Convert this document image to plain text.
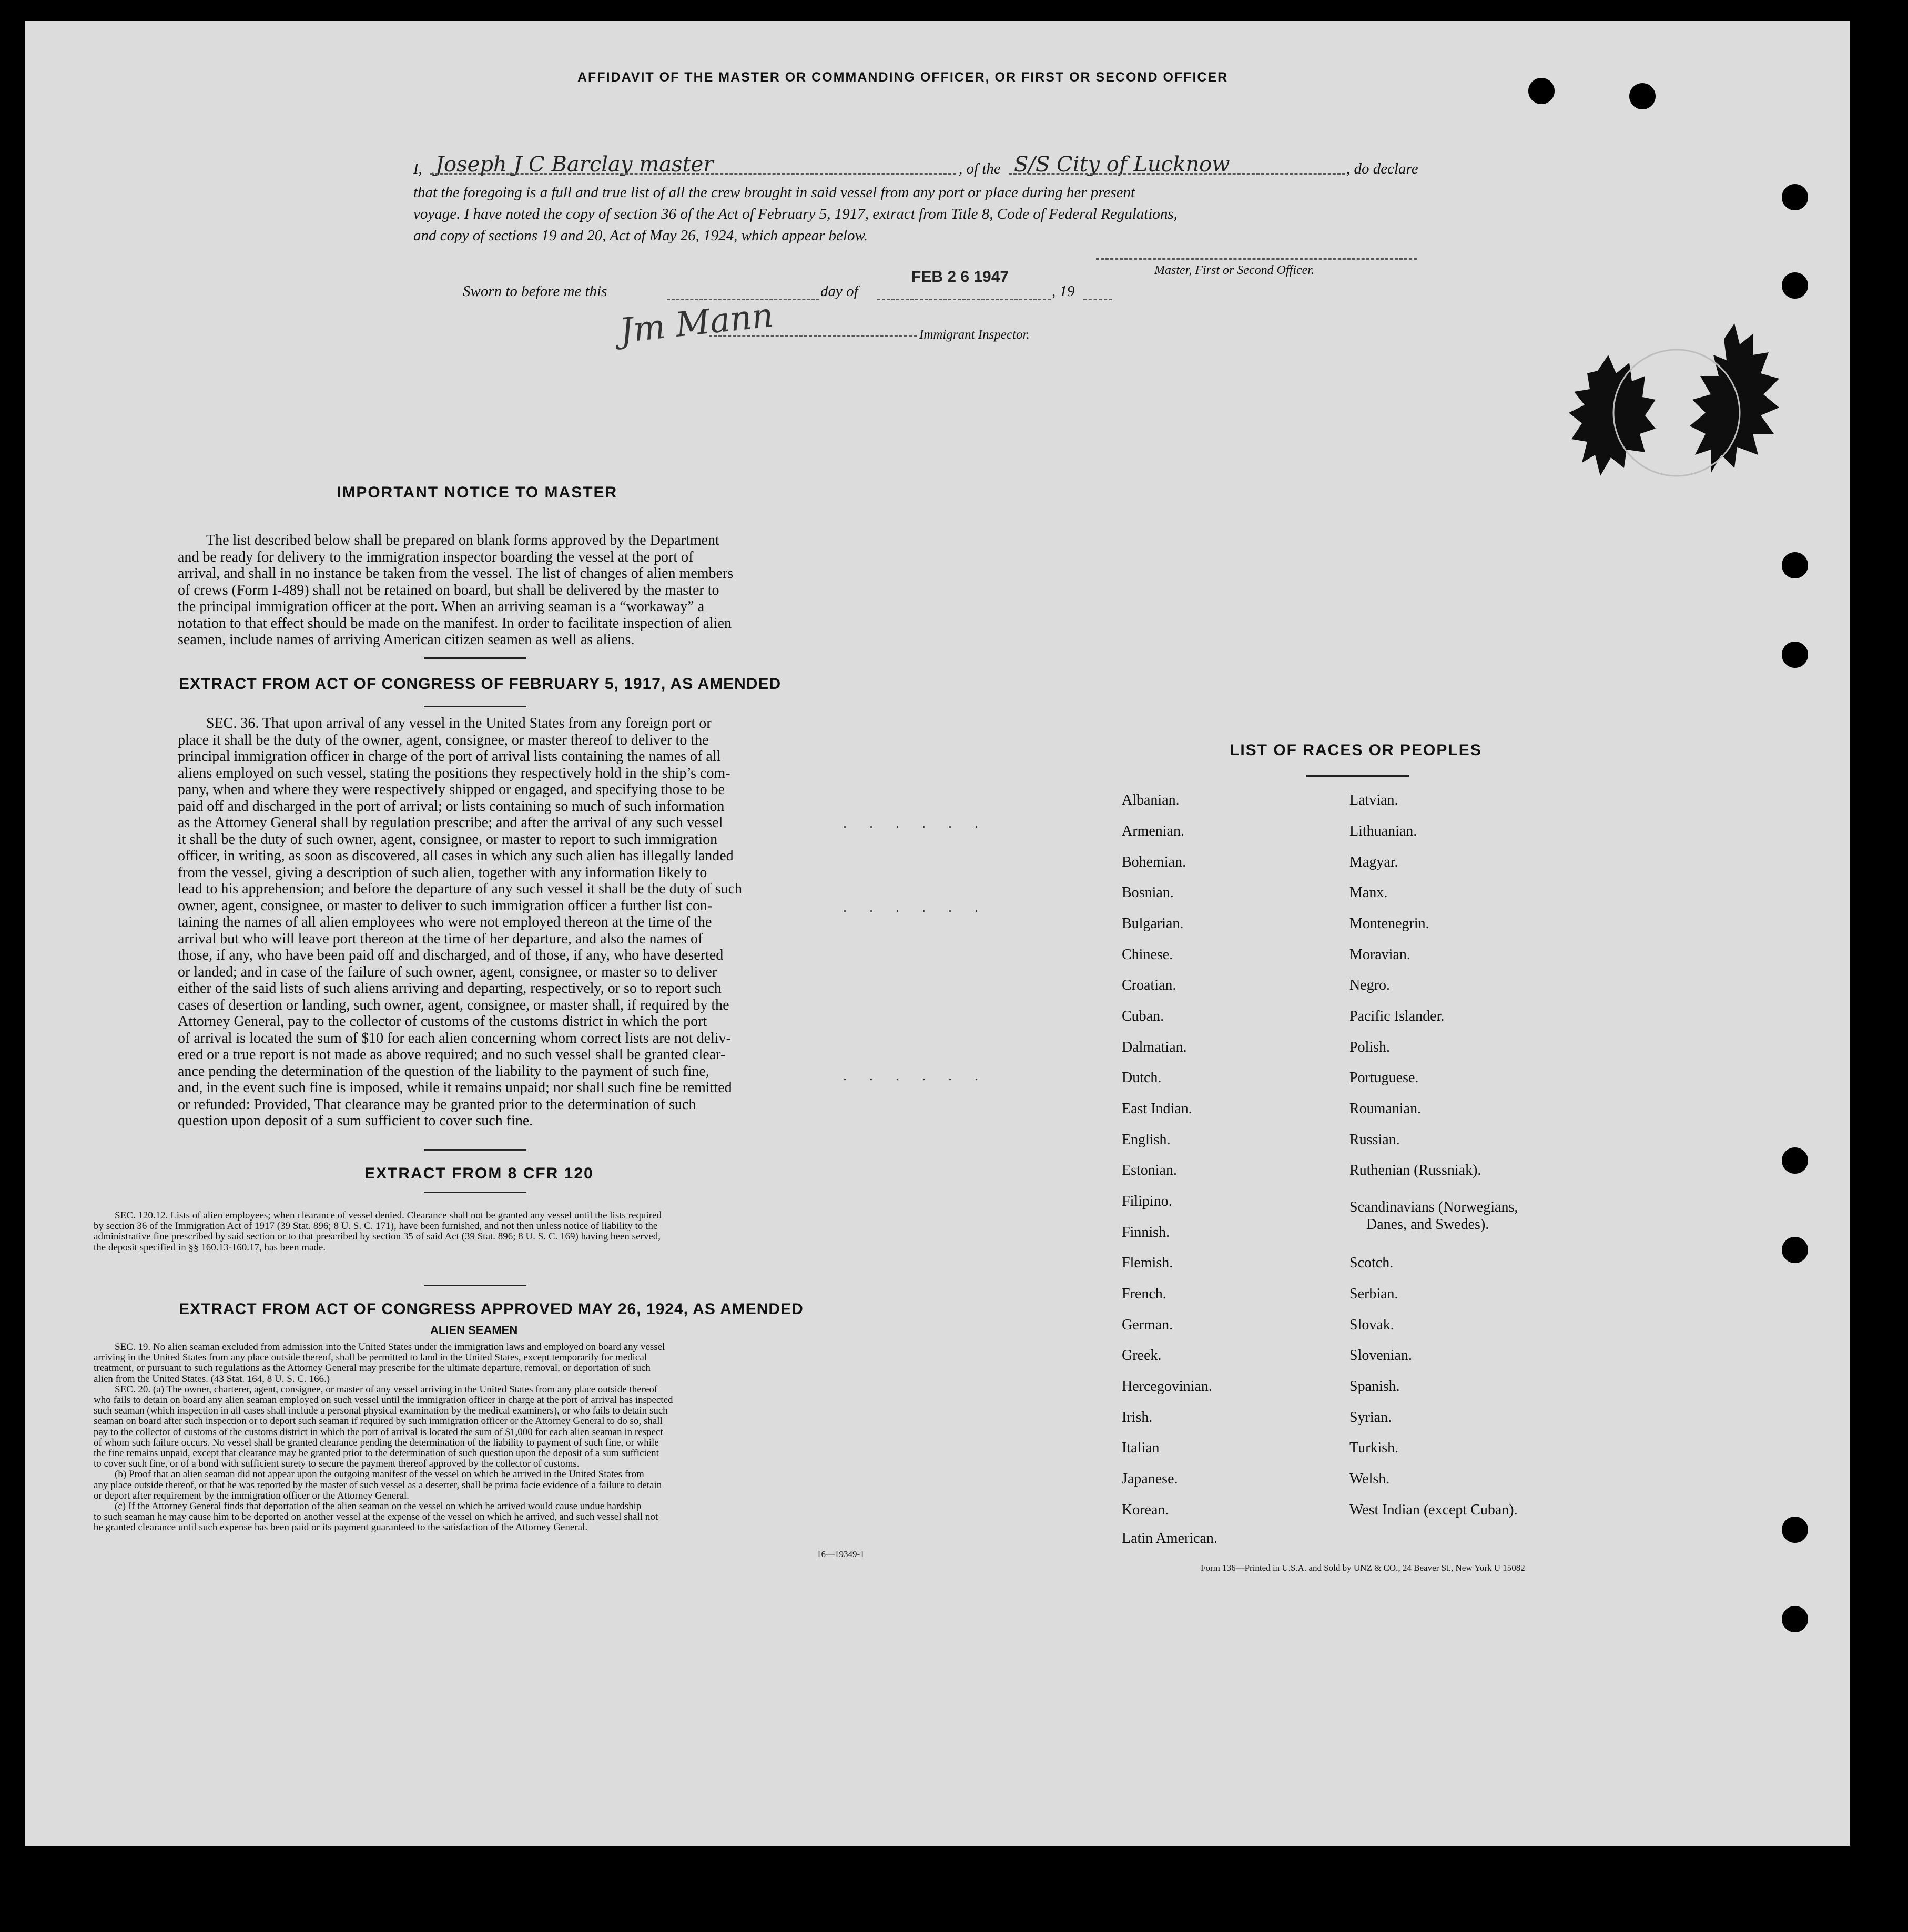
AFFIDAVIT OF THE MASTER OR COMMANDING OFFICER, OR FIRST OR SECOND OFFICER
I, Joseph J C Barclay master	, of the S/S City of Lucknow	, do declare
that the foregoing is a full and true list of all the crew brought in said vessel from any port or place during her present
voyage. I have noted the copy of section 36 of the Act of February 5, 1917, extract from Title 8, Code of Federal Regulations,
and copy of sections 19 and 20, Act of May 26, 1924, which appear below.
Master, First or Second Officer.
Sworn to before me this	day of
FEB 2 6 1947
, 19
Jm Mann	Immigrant Inspector.
IMPORTANT NOTICE TO MASTER
The list described below shall be prepared on blank forms approved by the Department
and be ready for delivery to the immigration inspector boarding the vessel at the port of
arrival, and shall in no instance be taken from the vessel. The list of changes of alien members
of crews (Form I-489) shall not be retained on board, but shall be delivered by the master to
the principal immigration officer at the port. When an arriving seaman is a “workaway” a
notation to that effect should be made on the manifest. In order to facilitate inspection of alien
seamen, include names of arriving American citizen seamen as well as aliens.
EXTRACT FROM ACT OF CONGRESS OF FEBRUARY 5, 1917, AS AMENDED
SEC. 36. That upon arrival of any vessel in the United States from any foreign port or
place it shall be the duty of the owner, agent, consignee, or master thereof to deliver to the
principal immigration officer in charge of the port of arrival lists containing the names of all
aliens employed on such vessel, stating the positions they respectively hold in the ship’s com-
pany, when and where they were respectively shipped or engaged, and specifying those to be
paid off and discharged in the port of arrival; or lists containing so much of such information
as the Attorney General shall by regulation prescribe; and after the arrival of any such vessel
it shall be the duty of such owner, agent, consignee, or master to report to such immigration
officer, in writing, as soon as discovered, all cases in which any such alien has illegally landed
from the vessel, giving a description of such alien, together with any information likely to
lead to his apprehension; and before the departure of any such vessel it shall be the duty of such
owner, agent, consignee, or master to deliver to such immigration officer a further list con-
taining the names of all alien employees who were not employed thereon at the time of the
arrival but who will leave port thereon at the time of her departure, and also the names of
those, if any, who have been paid off and discharged, and of those, if any, who have deserted
or landed; and in case of the failure of such owner, agent, consignee, or master so to deliver
either of the said lists of such aliens arriving and departing, respectively, or so to report such
cases of desertion or landing, such owner, agent, consignee, or master shall, if required by the
Attorney General, pay to the collector of customs of the customs district in which the port
of arrival is located the sum of $10 for each alien concerning whom correct lists are not deliv-
ered or a true report is not made as above required; and no such vessel shall be granted clear-
ance pending the determination of the question of the liability to the payment of such fine,
and, in the event such fine is imposed, while it remains unpaid; nor shall such fine be remitted
or refunded: Provided, That clearance may be granted prior to the determination of such
question upon deposit of a sum sufficient to cover such fine.
EXTRACT FROM 8 CFR 120
SEC. 120.12. Lists of alien employees; when clearance of vessel denied. Clearance shall not be granted any vessel until the lists required
by section 36 of the Immigration Act of 1917 (39 Stat. 896; 8 U. S. C. 171), have been furnished, and not then unless notice of liability to the
administrative fine prescribed by said section or to that prescribed by section 35 of said Act (39 Stat. 896; 8 U. S. C. 169) having been served,
the deposit specified in §§ 160.13-160.17, has been made.
EXTRACT FROM ACT OF CONGRESS APPROVED MAY 26, 1924, AS AMENDED
ALIEN SEAMEN
SEC. 19. No alien seaman excluded from admission into the United States under the immigration laws and employed on board any vessel
arriving in the United States from any place outside thereof, shall be permitted to land in the United States, except temporarily for medical
treatment, or pursuant to such regulations as the Attorney General may prescribe for the ultimate departure, removal, or deportation of such
alien from the United States. (43 Stat. 164, 8 U. S. C. 166.)
SEC. 20. (a) The owner, charterer, agent, consignee, or master of any vessel arriving in the United States from any place outside thereof
who fails to detain on board any alien seaman employed on such vessel until the immigration officer in charge at the port of arrival has inspected
such seaman (which inspection in all cases shall include a personal physical examination by the medical examiners), or who fails to detain such
seaman on board after such inspection or to deport such seaman if required by such immigration officer or the Attorney General to do so, shall
pay to the collector of customs of the customs district in which the port of arrival is located the sum of $1,000 for each alien seaman in respect
of whom such failure occurs. No vessel shall be granted clearance pending the determination of the liability to payment of such fine, or while
the fine remains unpaid, except that clearance may be granted prior to the determination of such question upon the deposit of a sum sufficient
to cover such fine, or of a bond with sufficient surety to secure the payment thereof approved by the collector of customs.
(b) Proof that an alien seaman did not appear upon the outgoing manifest of the vessel on which he arrived in the United States from
any place outside thereof, or that he was reported by the master of such vessel as a deserter, shall be prima facie evidence of a failure to detain
or deport after requirement by the immigration officer or the Attorney General.
(c) If the Attorney General finds that deportation of the alien seaman on the vessel on which he arrived would cause undue hardship
to such seaman he may cause him to be deported on another vessel at the expense of the vessel on which he arrived, and such vessel shall not
be granted clearance until such expense has been paid or its payment guaranteed to the satisfaction of the Attorney General.
16—19349-1
LIST OF RACES OR PEOPLES
Albanian.
Armenian.
Bohemian.
Bosnian.
Bulgarian.
Chinese.
Croatian.
Cuban.
Dalmatian.
Dutch.
East Indian.
English.
Estonian.
Filipino.
Finnish.
Flemish.
French.
German.
Greek.
Hercegovinian.
Irish.
Italian
Japanese.
Korean.
Latin American.
Latvian.
Lithuanian.
Magyar.
Manx.
Montenegrin.
Moravian.
Negro.
Pacific Islander.
Polish.
Portuguese.
Roumanian.
Russian.
Ruthenian (Russniak).
Scandinavians (Norwegians,
Danes, and Swedes).
Scotch.
Serbian.
Slovak.
Slovenian.
Spanish.
Syrian.
Turkish.
Welsh.
West Indian (except Cuban).
Form 136—Printed in U.S.A. and Sold by UNZ & CO., 24 Beaver St., New York U 15082
. . . . . .
. . . . . .
. . . . . .
